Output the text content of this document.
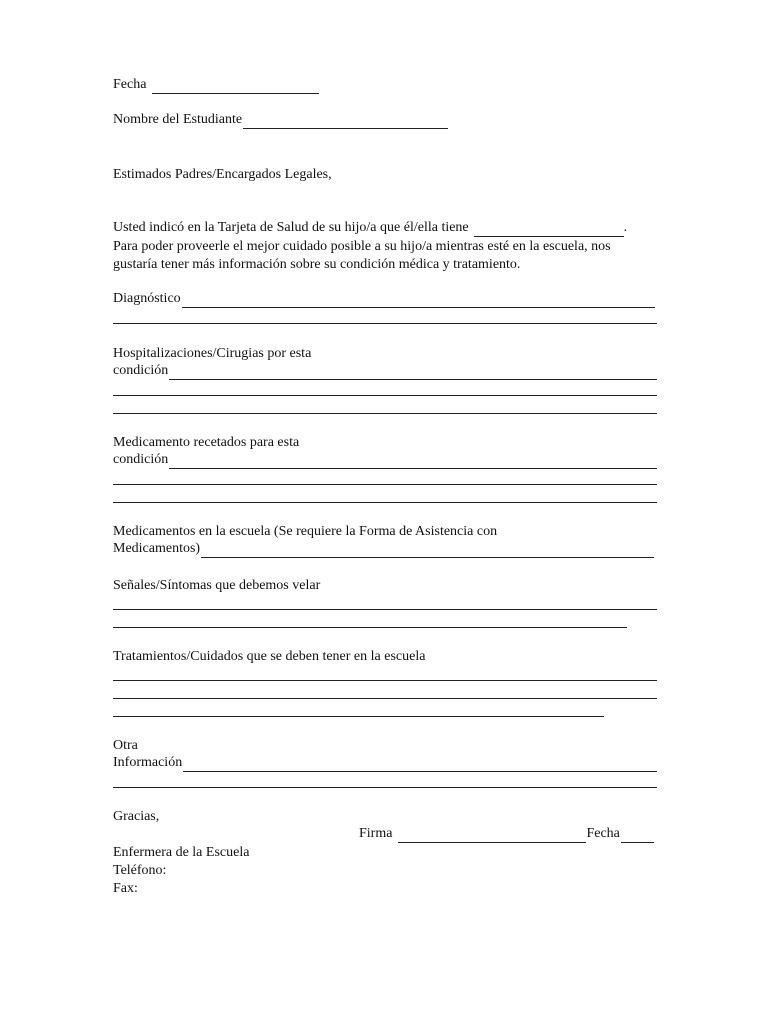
Fecha
Nombre del Estudiante
Estimados Padres/Encargados Legales,
Usted indicó en la Tarjeta de Salud de su hijo/a que él/ella tiene	.
Para poder proveerle el mejor cuidado posible a su hijo/a mientras esté en la escuela, nos
gustaría tener más información sobre su condición médica y tratamiento.
Diagnóstico
Hospitalizaciones/Cirugias por esta
condición
Medicamento recetados para esta
condición
Medicamentos en la escuela (Se requiere la Forma de Asistencia con
Medicamentos)
Señales/Síntomas que debemos velar
Tratamientos/Cuidados que se deben tener en la escuela
Otra
Información
Gracias,
Firma	Fecha
Enfermera de la Escuela
Teléfono:
Fax:
